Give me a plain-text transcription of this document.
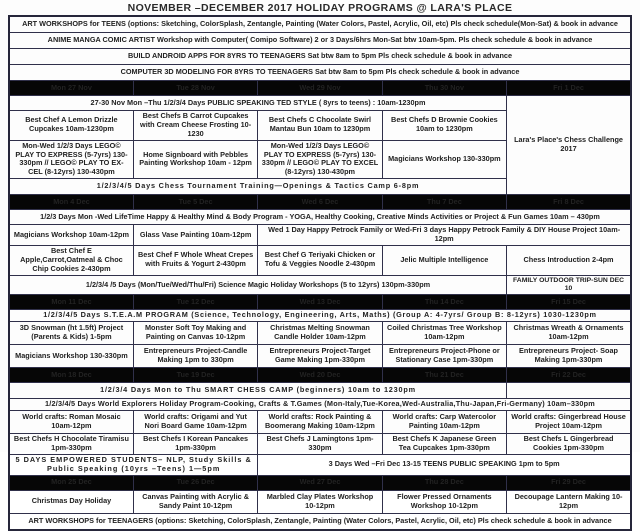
NOVEMBER –DECEMBER 2017 HOLIDAY PROGRAMS @ LARA'S PLACE
ART WORKSHOPS for TEENS (options: Sketching, ColorSplash, Zentangle, Painting (Water Colors, Pastel, Acrylic, Oil, etc) Pls check schedule(Mon-Sat) & book in advance				
ANIME MANGA COMIC ARTIST Workshop with Computer( Comipo Software) 2 or 3 Days/6hrs Mon-Sat btw 10am-5pm. Pls check schedule & book in advance				
BUILD ANDROID APPS FOR 8YRS TO TEENAGERS Sat btw 8am to 5pm Pls check schedule & book in advance				
COMPUTER 3D MODELING FOR 8YRS TO TEENAGERS Sat btw 8am to 5pm Pls check schedule & book in advance				
Mon 27 Nov	Tue 28 Nov	Wed 29 Nov	Thu 30 Nov	Fri 1 Dec
27-30 Nov Mon –Thu 1/2/3/4 Days PUBLIC SPEAKING TED STYLE ( 8yrs to teens) : 10am-1230pm				Lara's Place's Chess Challenge 2017
Best Chef A Lemon Drizzle Cupcakes 10am-1230pm	Best Chefs B Carrot Cupcakes with Cream Cheese Frosting 10-1230	Best Chefs C Chocolate Swirl Mantau Bun 10am to 1230pm	Best Chefs D Brownie Cookies 10am to 1230pm	
Mon-Wed 1/2/3 Days LEGO© PLAY TO EXPRESS (5-7yrs) 130-330pm // LEGO© PLAY TO EX-CEL (8-12yrs) 130-430pm	Home Signboard with Pebbles Painting Workshop 10am - 12pm	Mon-Wed 1/2/3 Days LEGO© PLAY TO EXPRESS (5-7yrs) 130-330pm // LEGO© PLAY TO EXCEL (8-12yrs) 130-430pm	Magicians Workshop 130-330pm	
1/2/3/4/5 Days Chess Tournament Training—Openings & Tactics Camp 6-8pm				
Mon 4 Dec	Tue 5 Dec	Wed 6 Dec	Thu 7 Dec	Fri 8 Dec
1/2/3 Days Mon -Wed LifeTime Happy & Healthy Mind & Body Program - YOGA, Healthy Cooking, Creative Minds Activities or Project & Fun Games 10am – 430pm				
Magicians Workshop 10am-12pm	Glass Vase Painting 10am-12pm	Wed 1 Day Happy Petrock Family or Wed-Fri 3 days Happy Petrock Family & DIY House Project 10am-12pm		
Best Chef E Apple,Carrot,Oatmeal & Choc Chip Cookies 2-430pm	Best Chef F Whole Wheat Crepes with Fruits & Yogurt 2-430pm	Best Chef G Teriyaki Chicken or Tofu & Veggies Noodle 2-430pm	Jelic Multiple Intelligence	Chess Introduction 2-4pm
1/2/3/4 /5 Days (Mon/Tue/Wed/Thu/Fri) Science Magic Holiday Workshops (5 to 12yrs) 130pm-330pm				FAMILY OUTDOOR TRIP-SUN DEC 10
Mon 11 Dec	Tue 12 Dec	Wed 13 Dec	Thu 14 Dec	Fri 15 Dec
1/2/3/4/5 Days S.T.E.A.M PROGRAM (Science, Technology, Engineering, Arts, Maths) (Group A: 4-7yrs/ Group B: 8-12yrs) 1030-1230pm				
3D Snowman (ht 1.5ft) Project (Parents & Kids) 1-5pm	Monster Soft Toy Making and Painting on Canvas 10-12pm	Christmas Melting Snowman Candle Holder 10am-12pm	Coiled Christmas Tree Workshop 10am-12pm	Christmas Wreath & Ornaments 10am-12pm
Magicians Workshop 130-330pm	Entrepreneurs Project-Candle Making 1pm to 330pm	Entrepreneurs Project-Target Game Making 1pm-330pm	Entrepreneurs Project-Phone or Stationary Case 1pm-330pm	Entrepreneurs Project- Soap Making 1pm-330pm
Mon 18 Dec	Tue 19 Dec	Wed 20 Dec	Thu 21 Dec	Fri 22 Dec
1/2/3/4 Days Mon to Thu SMART CHESS CAMP (beginners) 10am to 1230pm				
1/2/3/4/5 Days World Explorers Holiday Program-Cooking, Crafts & T.Games (Mon-Italy,Tue-Korea,Wed-Australia,Thu-Japan,Fri-Germany) 10am–330pm				
World crafts: Roman Mosaic 10am-12pm	World crafts: Origami and Yut Nori Board Game 10am-12pm	World crafts: Rock Painting & Boomerang Making 10am-12pm	World crafts: Carp Watercolor Painting 10am-12pm	World crafts: Gingerbread House Project 10am-12pm
Best Chefs H Chocolate Tiramisu 1pm-330pm	Best Chefs I Korean Pancakes 1pm-330pm	Best Chefs J Lamingtons 1pm-330pm	Best Chefs K Japanese Green Tea Cupcakes 1pm-330pm	Best Chefs L Gingerbread Cookies 1pm-330pm
5 DAYS EMPOWERED STUDENTS– NLP, Study Skills & Public Speaking (10yrs –Teens) 1—5pm		3 Days Wed –Fri Dec 13-15 TEENS PUBLIC SPEAKING 1pm to 5pm		
Mon 25 Dec	Tue 26 Dec	Wed 27 Dec	Thu 28 Dec	Fri 29 Dec
Christmas Day Holiday	Canvas Painting with Acrylic & Sandy Paint 10-12pm	Marbled Clay Plates Workshop 10-12pm	Flower Pressed Ornaments Workshop 10-12pm	Decoupage Lantern Making 10-12pm
ART WORKSHOPS for TEENAGERS (options: Sketching, ColorSplash, Zentangle, Painting (Water Colors, Pastel, Acrylic, Oil, etc) Pls check schedule & book in advance				
